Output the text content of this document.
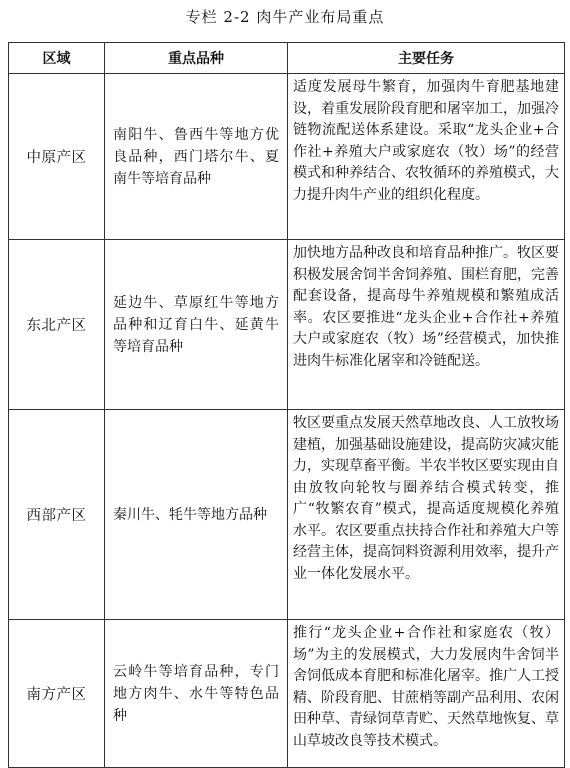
专栏 2-2 肉牛产业布局重点
区域	重点品种	主要任务
中原产区	南阳牛、鲁西牛等地方优良品种，西门塔尔牛、夏南牛等培育品种	适度发展母牛繁育，加强肉牛育肥基地建设，着重发展阶段育肥和屠宰加工，加强冷链物流配送体系建设。采取“龙头企业+合作社+养殖大户或家庭农（牧）场”的经营模式和种养结合、农牧循环的养殖模式，大力提升肉牛产业的组织化程度。
东北产区	延边牛、草原红牛等地方品种和辽育白牛、延黄牛等培育品种	加快地方品种改良和培育品种推广。牧区要积极发展舍饲半舍饲养殖、围栏育肥，完善配套设备，提高母牛养殖规模和繁殖成活率。农区要推进“龙头企业+合作社+养殖大户或家庭农（牧）场”经营模式，加快推进肉牛标准化屠宰和冷链配送。
西部产区	秦川牛、牦牛等地方品种	牧区要重点发展天然草地改良、人工放牧场建植，加强基础设施建设，提高防灾减灾能力，实现草畜平衡。半农半牧区要实现由自由放牧向轮牧与圈养结合模式转变，推广“牧繁农育”模式，提高适度规模化养殖水平。农区要重点扶持合作社和养殖大户等经营主体，提高饲料资源利用效率，提升产业一体化发展水平。
南方产区	云岭牛等培育品种，专门地方肉牛、水牛等特色品种	推行“龙头企业+合作社和家庭农（牧）场”为主的发展模式，大力发展肉牛舍饲半舍饲低成本育肥和标准化屠宰。推广人工授精、阶段育肥、甘蔗梢等副产品利用、农闲田种草、青绿饲草青贮、天然草地恢复、草山草坡改良等技术模式。
